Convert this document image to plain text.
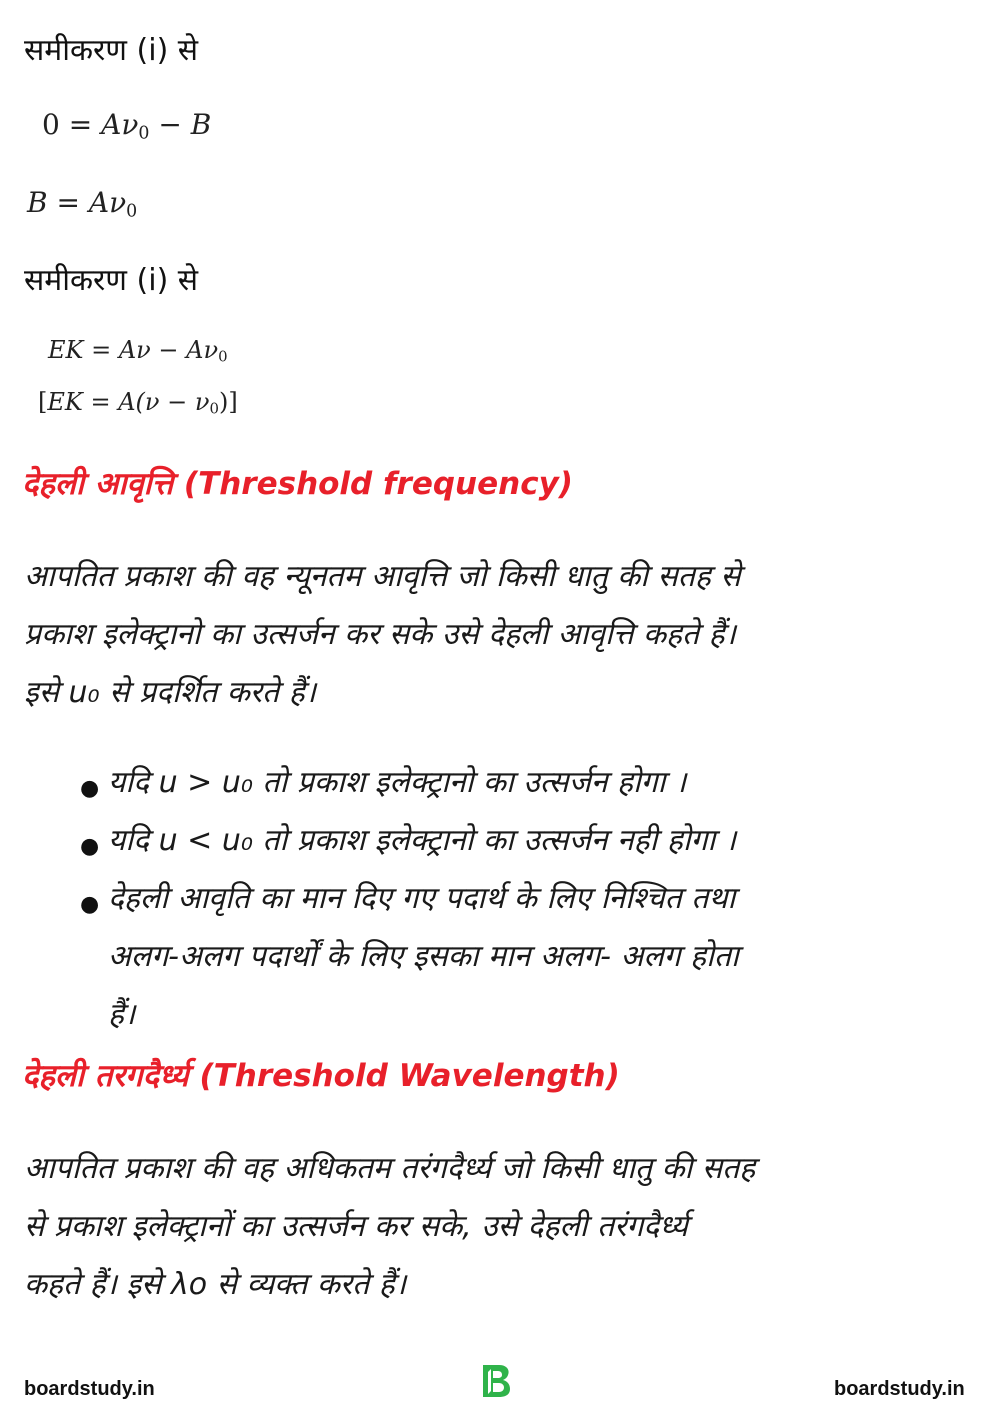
समीकरण (i) से
$0 = A\nu_0 - B$
$B = A\nu_0$
समीकरण (i) से
EK = $A\nu - A\nu_0$
$[EK = A(\nu - \nu_0)]$
देहली आवृत्ति (Threshold frequency)
आपतित प्रकाश की वह न्यूनतम आवृत्ति जो किसी धातु की सतह से
प्रकाश इलेक्ट्रानो का उत्सर्जन कर सके उसे देहली आवृत्ति कहते हैं।
इसे u₀ से प्रदर्शित करते हैं।
● यदि u > u₀ तो प्रकाश इलेक्ट्रानो का उत्सर्जन होगा ।
● यदि u < u₀ तो प्रकाश इलेक्ट्रानो का उत्सर्जन नही होगा ।
● देहली आवृति का मान दिए गए पदार्थ के लिए निश्चित तथा
अलग-अलग पदार्थों के लिए इसका मान अलग- अलग होता
हैं।
देहली तरगदैर्ध्य (Threshold Wavelength)
आपतित प्रकाश की वह अधिकतम तरंगदैर्ध्य जो किसी धातु की सतह
से प्रकाश इलेक्ट्रानों का उत्सर्जन कर सके, उसे देहली तरंगदैर्ध्य
कहते हैं। इसे λo से व्यक्त करते हैं।
boardstudy.in	boardstudy.in
